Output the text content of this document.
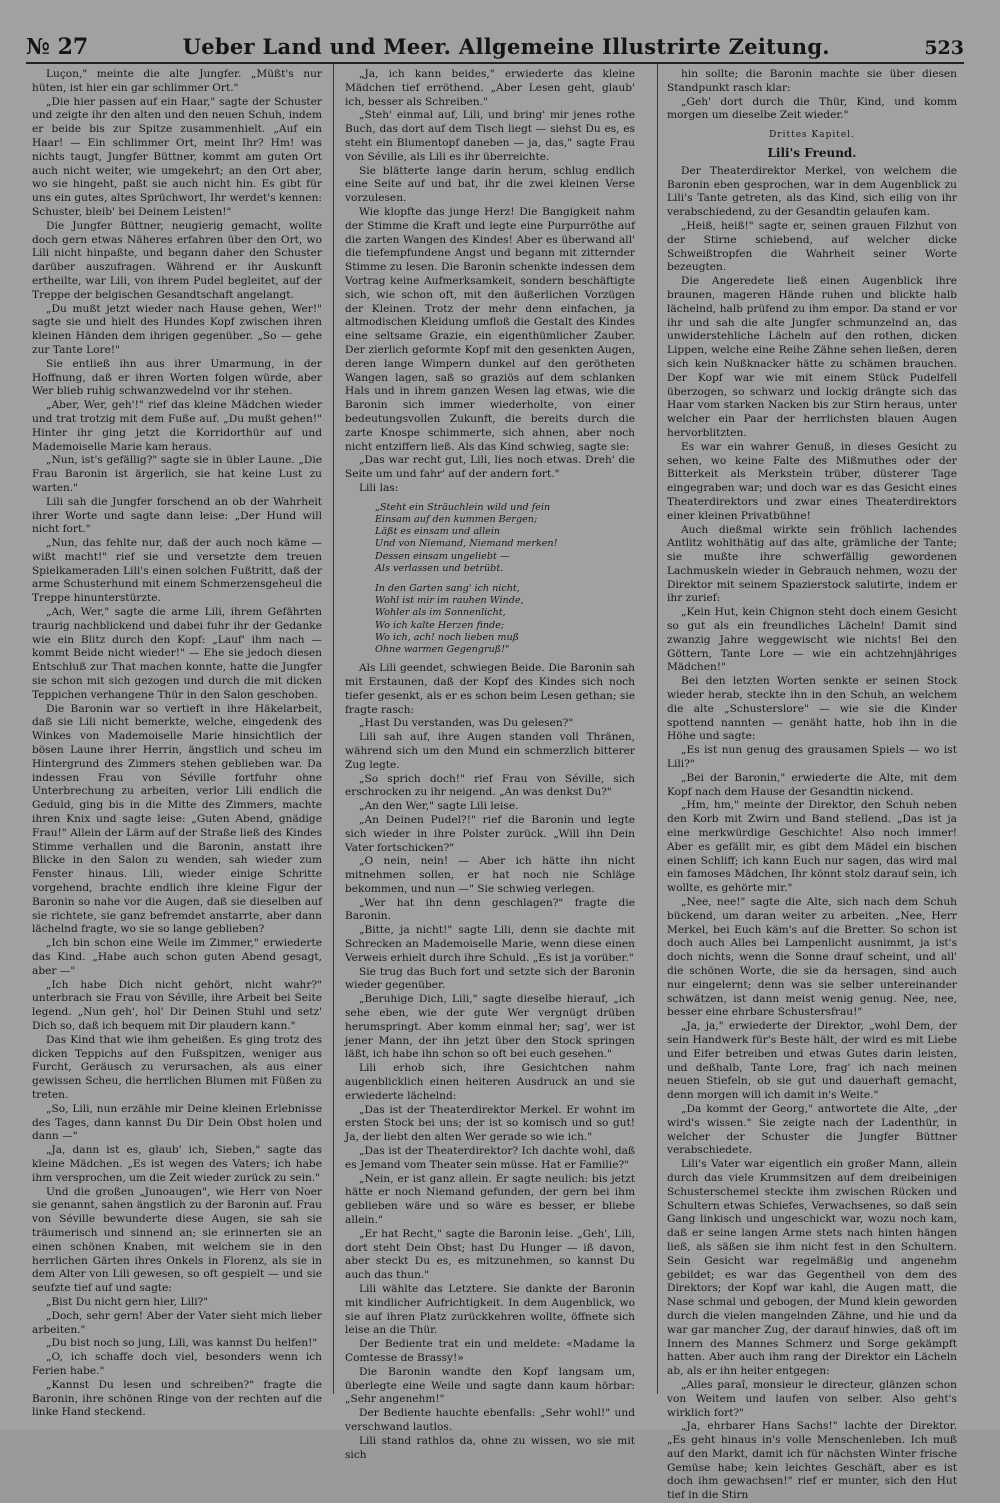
№ 27	Ueber Land und Meer. Allgemeine Illustrirte Zeitung.	523

Luçon," meinte die alte Jungfer. „Müßt's nur hüten, ist hier ein gar schlimmer Ort."

„Die hier passen auf ein Haar," sagte der Schuster und zeigte ihr den alten und den neuen Schuh, indem er beide bis zur Spitze zusammenhielt. „Auf ein Haar! — Ein schlimmer Ort, meint Ihr? Hm! was nichts taugt, Jungfer Büttner, kommt am guten Ort auch nicht weiter, wie umgekehrt; an den Ort aber, wo sie hingeht, paßt sie auch nicht hin. Es gibt für uns ein gutes, altes Sprüchwort, Ihr werdet's kennen: Schuster, bleib' bei Deinem Leisten!"

Die Jungfer Büttner, neugierig gemacht, wollte doch gern etwas Näheres erfahren über den Ort, wo Lili nicht hinpaßte, und begann daher den Schuster darüber auszufragen. Während er ihr Auskunft ertheilte, war Lili, von ihrem Pudel begleitet, auf der Treppe der belgischen Gesandtschaft angelangt.

„Du mußt jetzt wieder nach Hause gehen, Wer!" sagte sie und hielt des Hundes Kopf zwischen ihren kleinen Händen dem ihrigen gegenüber. „So — gehe zur Tante Lore!"

Sie entließ ihn aus ihrer Umarmung, in der Hoffnung, daß er ihren Worten folgen würde, aber Wer blieb ruhig schwanzwedelnd vor ihr stehen.

„Aber, Wer, geh'!" rief das kleine Mädchen wieder und trat trotzig mit dem Fuße auf. „Du mußt gehen!" Hinter ihr ging jetzt die Korridorthür auf und Mademoiselle Marie kam heraus.

„Nun, ist's gefällig?" sagte sie in übler Laune. „Die Frau Baronin ist ärgerlich, sie hat keine Lust zu warten."

Lili sah die Jungfer forschend an ob der Wahrheit ihrer Worte und sagte dann leise: „Der Hund will nicht fort."

„Nun, das fehlte nur, daß der auch noch käme — wißt macht!" rief sie und versetzte dem treuen Spielkameraden Lili's einen solchen Fußtritt, daß der arme Schusterhund mit einem Schmerzensgeheul die Treppe hinunterstürzte.

„Ach, Wer," sagte die arme Lili, ihrem Gefährten traurig nachblickend und dabei fuhr ihr der Gedanke wie ein Blitz durch den Kopf: „Lauf' ihm nach — kommt Beide nicht wieder!" — Ehe sie jedoch diesen Entschluß zur That machen konnte, hatte die Jungfer sie schon mit sich gezogen und durch die mit dicken Teppichen verhangene Thür in den Salon geschoben.

Die Baronin war so vertieft in ihre Häkelarbeit, daß sie Lili nicht bemerkte, welche, eingedenk des Winkes von Mademoiselle Marie hinsichtlich der bösen Laune ihrer Herrin, ängstlich und scheu im Hintergrund des Zimmers stehen geblieben war. Da indessen Frau von Séville fortfuhr ohne Unterbrechung zu arbeiten, verlor Lili endlich die Geduld, ging bis in die Mitte des Zimmers, machte ihren Knix und sagte leise: „Guten Abend, gnädige Frau!" Allein der Lärm auf der Straße ließ des Kindes Stimme verhallen und die Baronin, anstatt ihre Blicke in den Salon zu wenden, sah wieder zum Fenster hinaus. Lili, wieder einige Schritte vorgehend, brachte endlich ihre kleine Figur der Baronin so nahe vor die Augen, daß sie dieselben auf sie richtete, sie ganz befremdet anstarrte, aber dann lächelnd fragte, wo sie so lange geblieben?

„Ich bin schon eine Weile im Zimmer," erwiederte das Kind. „Habe auch schon guten Abend gesagt, aber —"

„Ich habe Dich nicht gehört, nicht wahr?" unterbrach sie Frau von Séville, ihre Arbeit bei Seite legend. „Nun geh', hol' Dir Deinen Stuhl und setz' Dich so, daß ich bequem mit Dir plaudern kann."

Das Kind that wie ihm geheißen. Es ging trotz des dicken Teppichs auf den Fußspitzen, weniger aus Furcht, Geräusch zu verursachen, als aus einer gewissen Scheu, die herrlichen Blumen mit Füßen zu treten.

„So, Lili, nun erzähle mir Deine kleinen Erlebnisse des Tages, dann kannst Du Dir Dein Obst holen und dann —"

„Ja, dann ist es, glaub' ich, Sieben," sagte das kleine Mädchen. „Es ist wegen des Vaters; ich habe ihm versprochen, um die Zeit wieder zurück zu sein."

Und die großen „Junoaugen", wie Herr von Noer sie genannt, sahen ängstlich zu der Baronin auf. Frau von Séville bewunderte diese Augen, sie sah sie träumerisch und sinnend an; sie erinnerten sie an einen schönen Knaben, mit welchem sie in den herrlichen Gärten ihres Onkels in Florenz, als sie in dem Alter von Lili gewesen, so oft gespielt — und sie seufzte tief auf und sagte:

„Bist Du nicht gern hier, Lili?"

„Doch, sehr gern! Aber der Vater sieht mich lieber arbeiten."

„Du bist noch so jung, Lili, was kannst Du helfen!"

„O, ich schaffe doch viel, besonders wenn ich Ferien habe."

„Kannst Du lesen und schreiben?" fragte die Baronin, ihre schönen Ringe von der rechten auf die linke Hand steckend.

„Ja, ich kann beides," erwiederte das kleine Mädchen tief erröthend. „Aber Lesen geht, glaub' ich, besser als Schreiben."

„Steh' einmal auf, Lili, und bring' mir jenes rothe Buch, das dort auf dem Tisch liegt — siehst Du es, es steht ein Blumentopf daneben — ja, das," sagte Frau von Séville, als Lili es ihr überreichte.

Sie blätterte lange darin herum, schlug endlich eine Seite auf und bat, ihr die zwei kleinen Verse vorzulesen.

Wie klopfte das junge Herz! Die Bangigkeit nahm der Stimme die Kraft und legte eine Purpurröthe auf die zarten Wangen des Kindes! Aber es überwand all' die tiefempfundene Angst und begann mit zitternder Stimme zu lesen. Die Baronin schenkte indessen dem Vortrag keine Aufmerksamkeit, sondern beschäftigte sich, wie schon oft, mit den äußerlichen Vorzügen der Kleinen. Trotz der mehr denn einfachen, ja altmodischen Kleidung umfloß die Gestalt des Kindes eine seltsame Grazie, ein eigenthümlicher Zauber. Der zierlich geformte Kopf mit den gesenkten Augen, deren lange Wimpern dunkel auf den gerötheten Wangen lagen, saß so graziös auf dem schlanken Hals und in ihrem ganzen Wesen lag etwas, wie die Baronin sich immer wiederholte, von einer bedeutungsvollen Zukunft, die bereits durch die zarte Knospe schimmerte, sich ahnen, aber noch nicht entziffern ließ. Als das Kind schwieg, sagte sie:

„Das war recht gut, Lili, lies noch etwas. Dreh' die Seite um und fahr' auf der andern fort."

Lili las:

„Steht ein Sträuchlein wild und fein
Einsam auf den kummen Bergen;
Läßt es einsam und allein
Und von Niemand, Niemand merken!
Dessen einsam ungeliebt —
Als verlassen und betrübt.
In den Garten sang' ich nicht,
Wohl ist mir im rauhen Winde,
Wohler als im Sonnenlicht,
Wo ich kalte Herzen finde;
Wo ich, ach! noch lieben muß
Ohne warmen Gegengruß!"

Als Lili geendet, schwiegen Beide. Die Baronin sah mit Erstaunen, daß der Kopf des Kindes sich noch tiefer gesenkt, als er es schon beim Lesen gethan; sie fragte rasch:

„Hast Du verstanden, was Du gelesen?"

Lili sah auf, ihre Augen standen voll Thränen, während sich um den Mund ein schmerzlich bitterer Zug legte.

„So sprich doch!" rief Frau von Séville, sich erschrocken zu ihr neigend. „An was denkst Du?"

„An den Wer," sagte Lili leise.

„An Deinen Pudel?!" rief die Baronin und legte sich wieder in ihre Polster zurück. „Will ihn Dein Vater fortschicken?"

„O nein, nein! — Aber ich hätte ihn nicht mitnehmen sollen, er hat noch nie Schläge bekommen, und nun —" Sie schwieg verlegen.

„Wer hat ihn denn geschlagen?" fragte die Baronin.

„Bitte, ja nicht!" sagte Lili, denn sie dachte mit Schrecken an Mademoiselle Marie, wenn diese einen Verweis erhielt durch ihre Schuld. „Es ist ja vorüber."

Sie trug das Buch fort und setzte sich der Baronin wieder gegenüber.

„Beruhige Dich, Lili," sagte dieselbe hierauf, „ich sehe eben, wie der gute Wer vergnügt drüben herumspringt. Aber komm einmal her; sag', wer ist jener Mann, der ihn jetzt über den Stock springen läßt, ich habe ihn schon so oft bei euch gesehen."

Lili erhob sich, ihre Gesichtchen nahm augenblicklich einen heiteren Ausdruck an und sie erwiederte lächelnd:

„Das ist der Theaterdirektor Merkel. Er wohnt im ersten Stock bei uns; der ist so komisch und so gut! Ja, der liebt den alten Wer gerade so wie ich."

„Das ist der Theaterdirektor? Ich dachte wohl, daß es Jemand vom Theater sein müsse. Hat er Familie?"

„Nein, er ist ganz allein. Er sagte neulich: bis jetzt hätte er noch Niemand gefunden, der gern bei ihm geblieben wäre und so wäre es besser, er bliebe allein."

„Er hat Recht," sagte die Baronin leise. „Geh', Lili, dort steht Dein Obst; hast Du Hunger — iß davon, aber steckt Du es, es mitzunehmen, so kannst Du auch das thun."

Lili wählte das Letztere. Sie dankte der Baronin mit kindlicher Aufrichtigkeit. In dem Augenblick, wo sie auf ihren Platz zurückkehren wollte, öffnete sich leise an die Thür.

Der Bediente trat ein und meldete: «Madame la Comtesse de Brassy!»

Die Baronin wandte den Kopf langsam um, überlegte eine Weile und sagte dann kaum hörbar: „Sehr angenehm!"

Der Bediente hauchte ebenfalls: „Sehr wohl!" und verschwand lautlos.

Lili stand rathlos da, ohne zu wissen, wo sie mit sich

hin sollte; die Baronin machte sie über diesen Standpunkt rasch klar:

„Geh' dort durch die Thür, Kind, und komm morgen um dieselbe Zeit wieder."

Drittes Kapitel.
Lili's Freund.

Der Theaterdirektor Merkel, von welchem die Baronin eben gesprochen, war in dem Augenblick zu Lili's Tante getreten, als das Kind, sich eilig von ihr verabschiedend, zu der Gesandtin gelaufen kam.

„Heiß, heiß!" sagte er, seinen grauen Filzhut von der Stirne schiebend, auf welcher dicke Schweißtropfen die Wahrheit seiner Worte bezeugten.

Die Angeredete ließ einen Augenblick ihre braunen, mageren Hände ruhen und blickte halb lächelnd, halb prüfend zu ihm empor. Da stand er vor ihr und sah die alte Jungfer schmunzelnd an, das unwiderstehliche Lächeln auf den rothen, dicken Lippen, welche eine Reihe Zähne sehen ließen, deren sich kein Nußknacker hätte zu schämen brauchen. Der Kopf war wie mit einem Stück Pudelfell überzogen, so schwarz und lockig drängte sich das Haar vom starken Nacken bis zur Stirn heraus, unter welcher ein Paar der herrlichsten blauen Augen hervorblitzten.

Es war ein wahrer Genuß, in dieses Gesicht zu sehen, wo keine Falte des Mißmuthes oder der Bitterkeit als Merkstein trüber, düsterer Tage eingegraben war; und doch war es das Gesicht eines Theaterdirektors und zwar eines Theaterdirektors einer kleinen Privatbühne!

Auch dießmal wirkte sein fröhlich lachendes Antlitz wohlthätig auf das alte, grämliche der Tante; sie mußte ihre schwerfällig gewordenen Lachmuskeln wieder in Gebrauch nehmen, wozu der Direktor mit seinem Spazierstock salutirte, indem er ihr zurief:

„Kein Hut, kein Chignon steht doch einem Gesicht so gut als ein freundliches Lächeln! Damit sind zwanzig Jahre weggewischt wie nichts! Bei den Göttern, Tante Lore — wie ein achtzehnjähriges Mädchen!"

Bei den letzten Worten senkte er seinen Stock wieder herab, steckte ihn in den Schuh, an welchem die alte „Schusterslore" — wie sie die Kinder spottend nannten — genäht hatte, hob ihn in die Höhe und sagte:

„Es ist nun genug des grausamen Spiels — wo ist Lili?"

„Bei der Baronin," erwiederte die Alte, mit dem Kopf nach dem Hause der Gesandtin nickend.

„Hm, hm," meinte der Direktor, den Schuh neben den Korb mit Zwirn und Band stellend. „Das ist ja eine merkwürdige Geschichte! Also noch immer! Aber es gefällt mir, es gibt dem Mädel ein bischen einen Schliff; ich kann Euch nur sagen, das wird mal ein famoses Mädchen, Ihr könnt stolz darauf sein, ich wollte, es gehörte mir."

„Nee, nee!" sagte die Alte, sich nach dem Schuh bückend, um daran weiter zu arbeiten. „Nee, Herr Merkel, bei Euch käm's auf die Bretter. So schon ist doch auch Alles bei Lampenlicht ausnimmt, ja ist's doch nichts, wenn die Sonne drauf scheint, und all' die schönen Worte, die sie da hersagen, sind auch nur eingelernt; denn was sie selber untereinander schwätzen, ist dann meist wenig genug. Nee, nee, besser eine ehrbare Schustersfrau!"

„Ja, ja," erwiederte der Direktor, „wohl Dem, der sein Handwerk für's Beste hält, der wird es mit Liebe und Eifer betreiben und etwas Gutes darin leisten, und deßhalb, Tante Lore, frag' ich nach meinen neuen Stiefeln, ob sie gut und dauerhaft gemacht, denn morgen will ich damit in's Weite."

„Da kommt der Georg," antwortete die Alte, „der wird's wissen." Sie zeigte nach der Ladenthür, in welcher der Schuster die Jungfer Büttner verabschiedete.

Lili's Vater war eigentlich ein großer Mann, allein durch das viele Krummsitzen auf dem dreibeinigen Schusterschemel steckte ihm zwischen Rücken und Schultern etwas Schiefes, Verwachsenes, so daß sein Gang linkisch und ungeschickt war, wozu noch kam, daß er seine langen Arme stets nach hinten hängen ließ, als säßen sie ihm nicht fest in den Schultern. Sein Gesicht war regelmäßig und angenehm gebildet; es war das Gegentheil von dem des Direktors; der Kopf war kahl, die Augen matt, die Nase schmal und gebogen, der Mund klein geworden durch die vielen mangelnden Zähne, und hie und da war gar mancher Zug, der darauf hinwies, daß oft im Innern des Mannes Schmerz und Sorge gekämpft hatten. Aber auch ihm rang der Direktor ein Lächeln ab, als er ihn heiter entgegen:

„Alles paraî, monsieur le directeur, glänzen schon von Weitem und laufen von selber. Also geht's wirklich fort?"

„Ja, ehrbarer Hans Sachs!" lachte der Direktor. „Es geht hinaus in's volle Menschenleben. Ich muß auf den Markt, damit ich für nächsten Winter frische Gemüse habe; kein leichtes Geschäft, aber es ist doch ihm gewachsen!" rief er munter, sich den Hut tief in die Stirn
